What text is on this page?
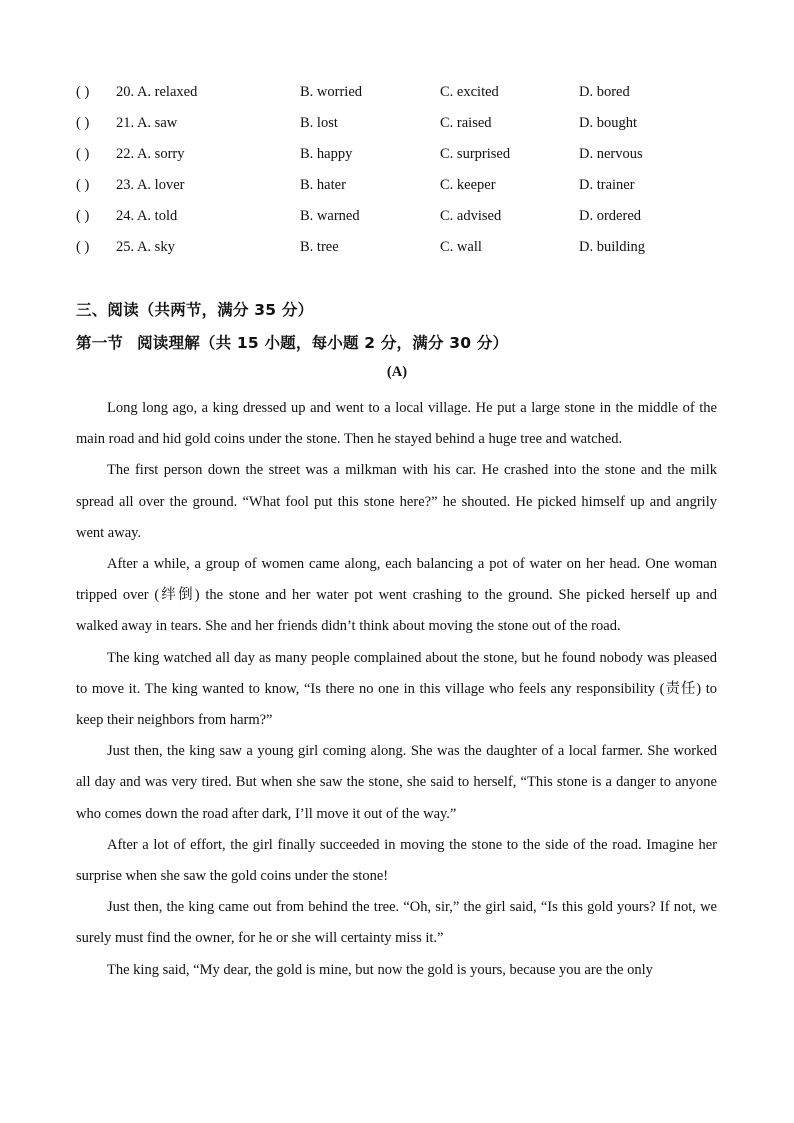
( ) 20. A. relaxed	B. worried	C. excited	D. bored
( ) 21. A. saw	B. lost	C. raised	D. bought
( ) 22. A. sorry	B. happy	C. surprised	D. nervous
( ) 23. A. lover	B. hater	C. keeper	D. trainer
( ) 24. A. told	B. warned	C. advised	D. ordered
( ) 25. A. sky	B. tree	C. wall	D. building
三、阅读（共两节，满分 35 分）
第一节 阅读理解（共 15 小题，每小题 2 分，满分 30 分）
(A)

Long long ago, a king dressed up and went to a local village. He put a large stone in the middle of the main road and hid gold coins under the stone. Then he stayed behind a huge tree and watched.

The first person down the street was a milkman with his car. He crashed into the stone and the milk spread all over the ground. “What fool put this stone here?” he shouted. He picked himself up and angrily went away.

After a while, a group of women came along, each balancing a pot of water on her head. One woman tripped over (绊倒) the stone and her water pot went crashing to the ground. She picked herself up and walked away in tears. She and her friends didn’t think about moving the stone out of the road.

The king watched all day as many people complained about the stone, but he found nobody was pleased to move it. The king wanted to know, “Is there no one in this village who feels any responsibility (责任) to keep their neighbors from harm?”

Just then, the king saw a young girl coming along. She was the daughter of a local farmer. She worked all day and was very tired. But when she saw the stone, she said to herself, “This stone is a danger to anyone who comes down the road after dark, I’ll move it out of the way.”

After a lot of effort, the girl finally succeeded in moving the stone to the side of the road. Imagine her surprise when she saw the gold coins under the stone!

Just then, the king came out from behind the tree. “Oh, sir,” the girl said, “Is this gold yours? If not, we surely must find the owner, for he or she will certainty miss it.”

The king said, “My dear, the gold is mine, but now the gold is yours, because you are the only
